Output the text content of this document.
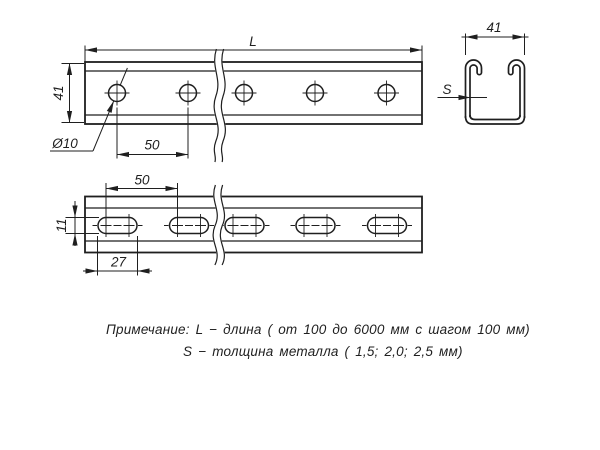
L
41
Ø10	50
50
11
27
41
S
Примечание: L − длина ( от 100 до 6000 мм с шагом 100 мм)
S − толщина металла ( 1,5; 2,0; 2,5 мм)
